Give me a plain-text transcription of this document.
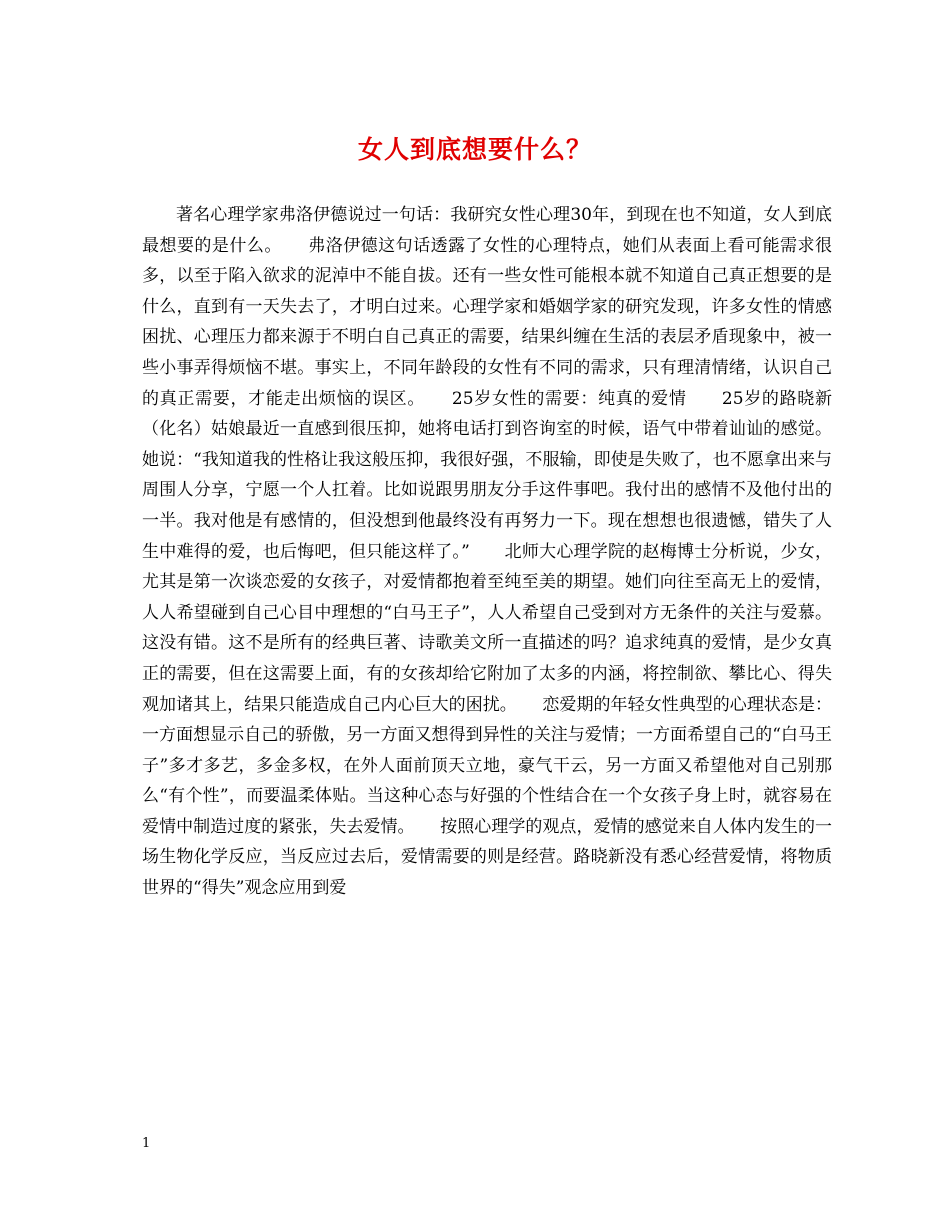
女人到底想要什么？

著名心理学家弗洛伊德说过一句话：我研究女性心理30年，到现在也不知道，女人到底最想要的是什么。　　弗洛伊德这句话透露了女性的心理特点，她们从表面上看可能需求很多，以至于陷入欲求的泥淖中不能自拔。还有一些女性可能根本就不知道自己真正想要的是什么，直到有一天失去了，才明白过来。心理学家和婚姻学家的研究发现，许多女性的情感困扰、心理压力都来源于不明白自己真正的需要，结果纠缠在生活的表层矛盾现象中，被一些小事弄得烦恼不堪。事实上，不同年龄段的女性有不同的需求，只有理清情绪，认识自己的真正需要，才能走出烦恼的误区。　　25岁女性的需要：纯真的爱情　　25岁的路晓新（化名）姑娘最近一直感到很压抑，她将电话打到咨询室的时候，语气中带着讪讪的感觉。她说：“我知道我的性格让我这般压抑，我很好强，不服输，即使是失败了，也不愿拿出来与周围人分享，宁愿一个人扛着。比如说跟男朋友分手这件事吧。我付出的感情不及他付出的一半。我对他是有感情的，但没想到他最终没有再努力一下。现在想想也很遗憾，错失了人生中难得的爱，也后悔吧，但只能这样了。”　　北师大心理学院的赵梅博士分析说，少女，尤其是第一次谈恋爱的女孩子，对爱情都抱着至纯至美的期望。她们向往至高无上的爱情，人人希望碰到自己心目中理想的“白马王子”，人人希望自己受到对方无条件的关注与爱慕。这没有错。这不是所有的经典巨著、诗歌美文所一直描述的吗？追求纯真的爱情，是少女真正的需要，但在这需要上面，有的女孩却给它附加了太多的内涵，将控制欲、攀比心、得失观加诸其上，结果只能造成自己内心巨大的困扰。　　恋爱期的年轻女性典型的心理状态是：一方面想显示自己的骄傲，另一方面又想得到异性的关注与爱情；一方面希望自己的“白马王子”多才多艺，多金多权，在外人面前顶天立地，豪气干云，另一方面又希望他对自己别那么“有个性”，而要温柔体贴。当这种心态与好强的个性结合在一个女孩子身上时，就容易在爱情中制造过度的紧张，失去爱情。　　按照心理学的观点，爱情的感觉来自人体内发生的一场生物化学反应，当反应过去后，爱情需要的则是经营。路晓新没有悉心经营爱情，将物质世界的“得失”观念应用到爱

1
